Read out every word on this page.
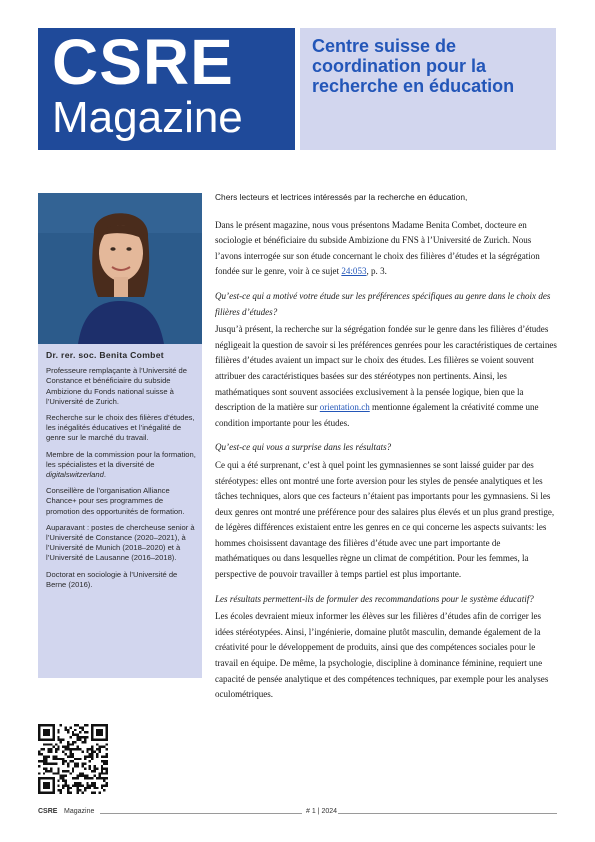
CSRE
Magazine

Centre suisse de coordination pour la recherche en éducation

Dr. rer. soc. Benita Combet

Professeure remplaçante à l’Université de Constance et bénéficiaire du subside Ambizione du Fonds national suisse à l’Université de Zurich.

Recherche sur le choix des filières d’études, les inégalités éducatives et l’inégalité de genre sur le marché du travail.

Membre de la commission pour la formation, les spécialistes et la diversité de digitalswitzerland.

Conseillère de l’organisation Alliance Chance+ pour ses programmes de promotion des opportunités de formation.

Auparavant : postes de chercheuse senior à l’Université de Constance (2020–2021), à l’Université de Munich (2018–2020) et à l’Université de Lausanne (2016–2018).

Doctorat en sociologie à l’Université de Berne (2016).

Chers lecteurs et lectrices intéressés par la recherche en éducation,

Dans le présent magazine, nous vous présentons Madame Benita Combet, docteure en sociologie et bénéficiaire du subside Ambizione du FNS à l’Université de Zurich. Nous l’avons interrogée sur son étude concernant le choix des filières d’études et la ségrégation fondée sur le genre, voir à ce sujet 24:053, p. 3.

Qu’est-ce qui a motivé votre étude sur les préférences spécifiques au genre dans le choix des filières d’études?

Jusqu’à présent, la recherche sur la ségrégation fondée sur le genre dans les filières d’études négligeait la question de savoir si les préférences genrées pour les caractéristiques de certaines filières d’études avaient un impact sur le choix des études. Les filières se voient souvent attribuer des caractéristiques basées sur des stéréotypes non pertinents. Ainsi, les mathématiques sont souvent associées exclusivement à la pensée logique, bien que la description de la matière sur orientation.ch mentionne également la créativité comme une condition importante pour les études.

Qu’est-ce qui vous a surprise dans les résultats?

Ce qui a été surprenant, c’est à quel point les gymnasiennes se sont laissé guider par des stéréotypes: elles ont montré une forte aversion pour les styles de pensée analytiques et les tâches techniques, alors que ces facteurs n’étaient pas importants pour les gymnasiens. Si les deux genres ont montré une préférence pour des salaires plus élevés et un plus grand prestige, de légères différences existaient entre les genres en ce qui concerne les aspects suivants: les hommes choisissent davantage des filières d’étude avec une part importante de mathématiques ou dans lesquelles règne un climat de compétition. Pour les femmes, la perspective de pouvoir travailler à temps partiel est plus importante.

Les résultats permettent-ils de formuler des recommandations pour le système éducatif?

Les écoles devraient mieux informer les élèves sur les filières d’études afin de corriger les idées stéréotypées. Ainsi, l’ingénierie, domaine plutôt masculin, demande également de la créativité pour le développement de produits, ainsi que des compétences sociales pour le travail en équipe. De même, la psychologie, discipline à dominance féminine, requiert une capacité de pensée analytique et des compétences techniques, par exemple pour les analyses oculométriques.

CSRE Magazine	# 1 | 2024
